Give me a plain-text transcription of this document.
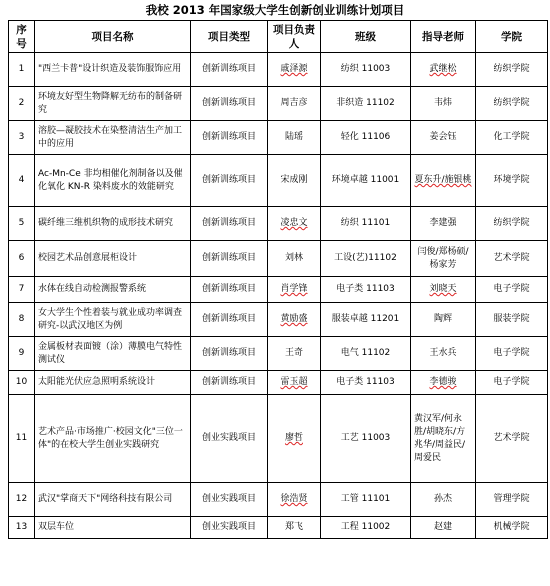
我校 2013 年国家级大学生创新创业训练计划项目
序号	项目名称	项目类型	项目负责人	班级	指导老师	学院
1	"西兰卡普"设计织造及装饰服饰应用	创新训练项目	戚泽源	纺织 11003	武继松	纺织学院
2	环境友好型生物降解无纺布的制备研究	创新训练项目	周吉彦	非织造 11102	韦炜	纺织学院
3	溶胶—凝胶技术在染整清洁生产加工中的应用	创新训练项目	陆瑶	轻化 11106	姜会钰	化工学院
4	Ac-Mn-Ce 非均相催化剂制备以及催化氧化 KN-R 染料废水的效能研究	创新训练项目	宋成刚	环境卓越 11001	夏东升/施银桃	环境学院
5	碳纤维三维机织物的成形技术研究	创新训练项目	凌忠文	纺织 11101	李建强	纺织学院
6	校园艺术品创意展柜设计	创新训练项目	刘林	工设(艺)11102	闫俊/郑杨硕/杨家芳	艺术学院
7	水体在线自动检测报警系统	创新训练项目	肖学锋	电子类 11103	刘晓天	电子学院
8	女大学生个性着装与就业成功率调查研究-以武汉地区为例	创新训练项目	黄励盛	服装卓越 11201	陶辉	服装学院
9	金属板材表面镀（涂）薄膜电气特性测试仪	创新训练项目	王奇	电气 11102	王水兵	电子学院
10	太阳能光伏应急照明系统设计	创新训练项目	雷玉超	电子类 11103	李德骏	电子学院
11	艺术产品·市场推广·校园文化"三位一体"的在校大学生创业实践研究	创业实践项目	廖哲	工艺 11003	黄汉军/何永胜/胡晓东/方兆华/周益民/周爱民	艺术学院
12	武汉"掌商天下"网络科技有限公司	创业实践项目	徐浩贤	工管 11101	孙杰	管理学院
13	双层车位	创业实践项目	郑飞	工程 11002	赵建	机械学院
